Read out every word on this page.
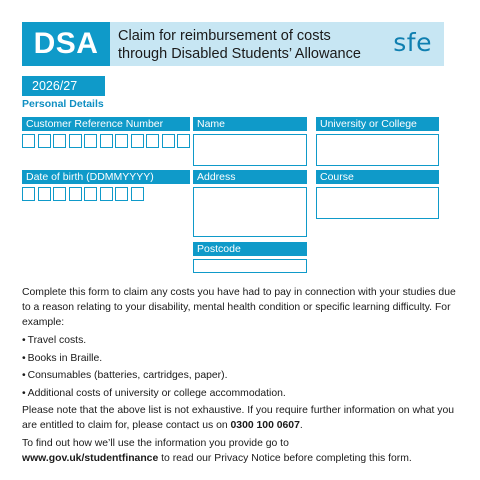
DSA	Claim for reimbursement of costs
through Disabled Students’ Allowance sfe
2026/27
Personal Details
Customer Reference Number	Name	University or College
Date of birth (DDMMYYYY)	Address	Course
Postcode

Complete this form to claim any costs you have had to pay in connection with your studies due to a reason relating to your disability, mental health condition or specific learning difficulty. For example:

• Travel costs.
• Books in Braille.
• Consumables (batteries, cartridges, paper).
• Additional costs of university or college accommodation.

Please note that the above list is not exhaustive. If you require further information on what you are entitled to claim for, please contact us on 0300 100 0607.

To find out how we’ll use the information you provide go to
www.gov.uk/studentfinance to read our Privacy Notice before completing this form.
